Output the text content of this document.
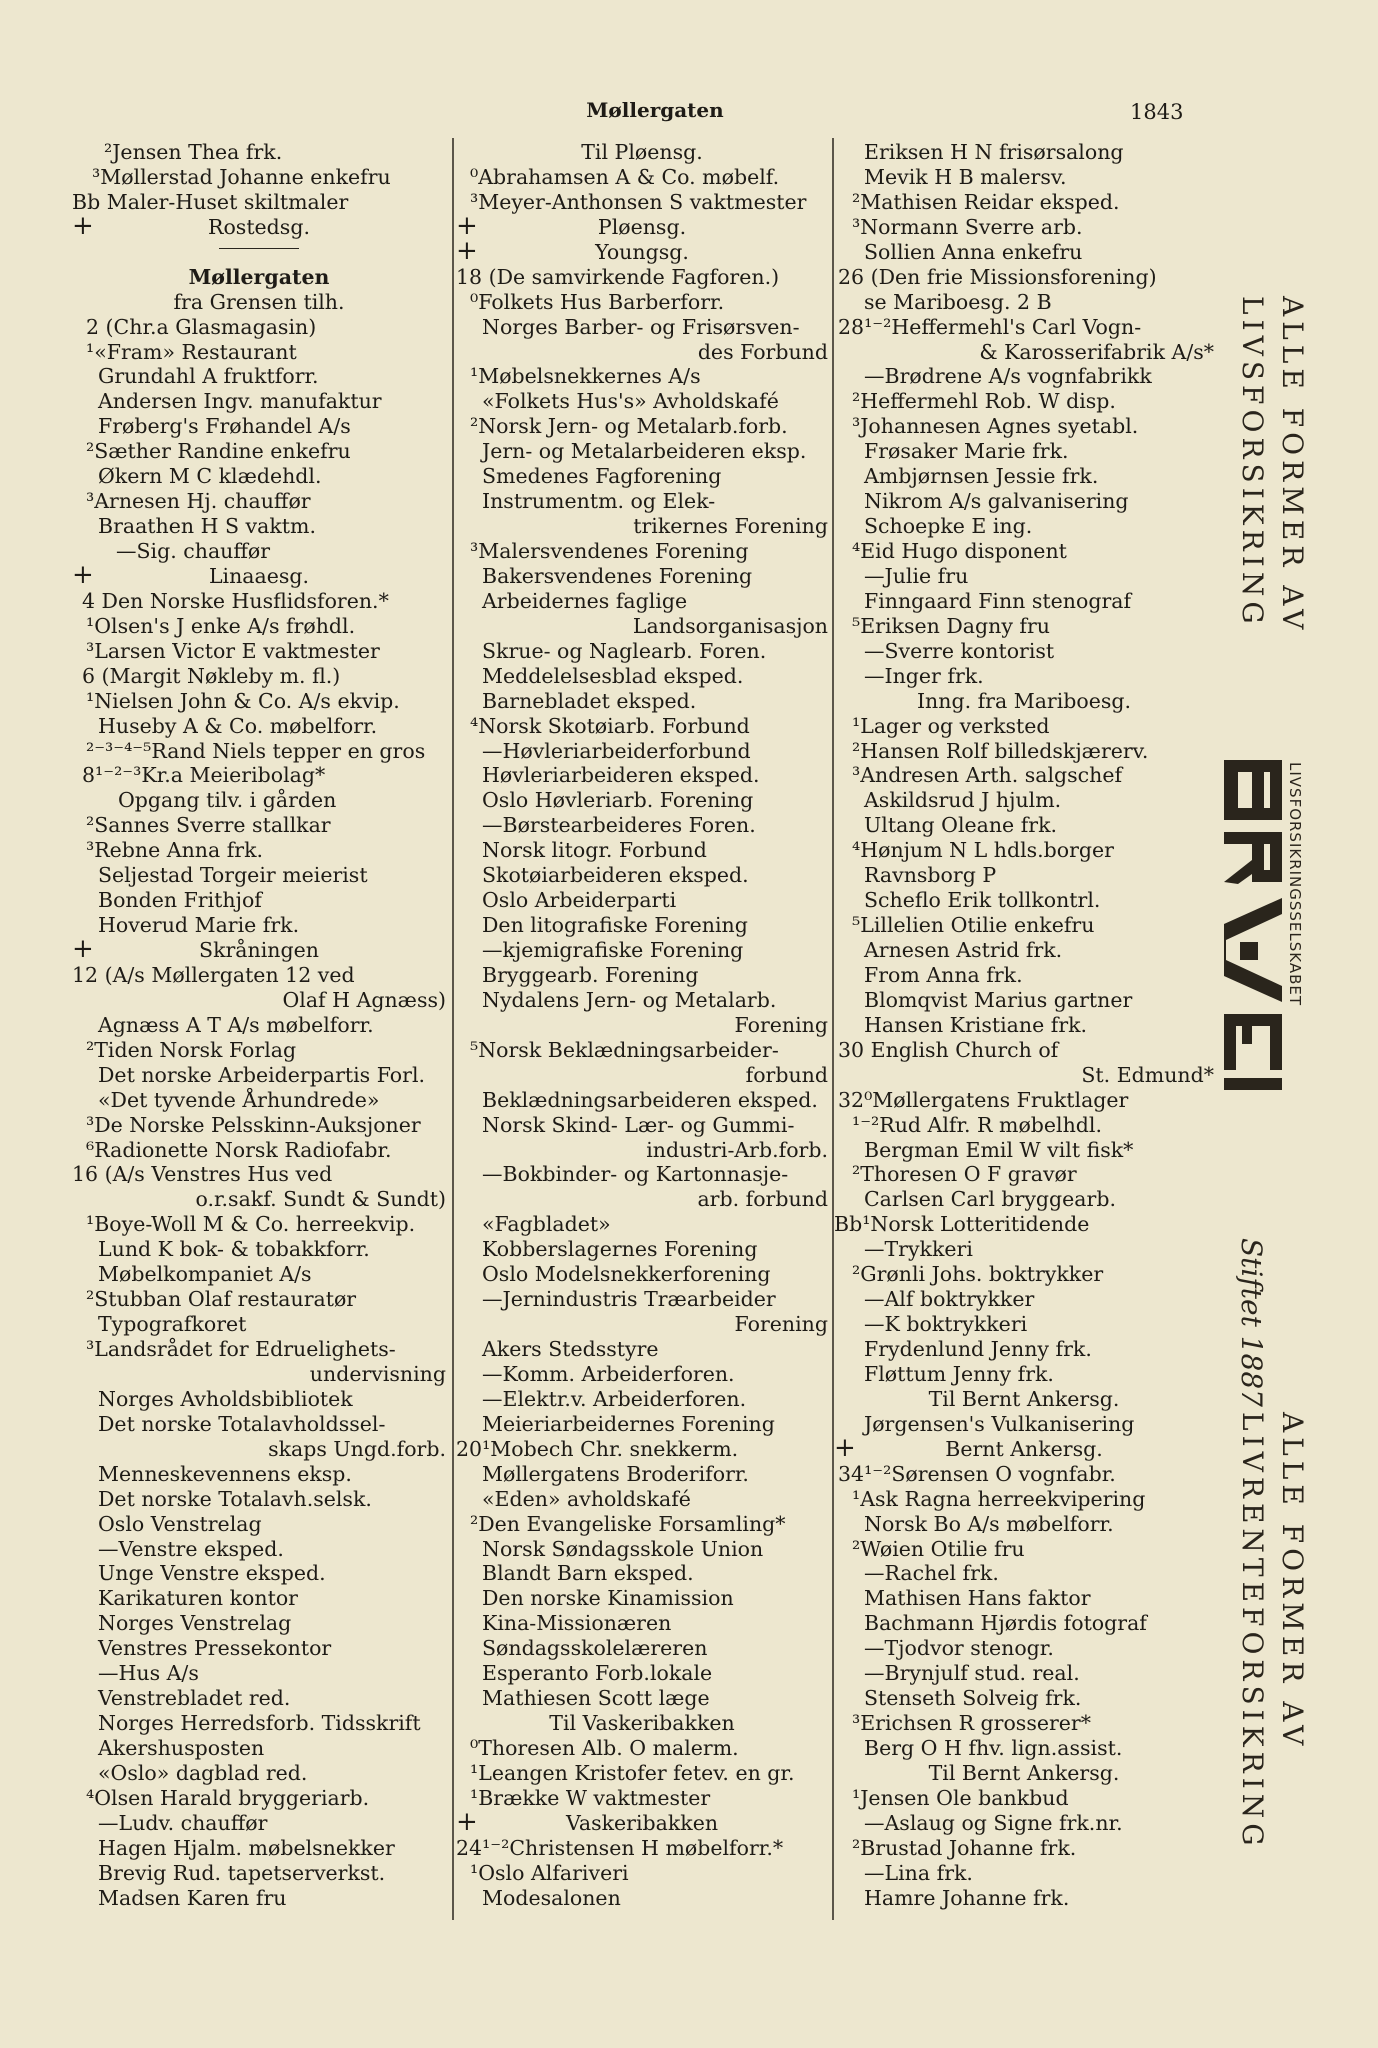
Møllergaten	1843
²Jensen Thea frk.
³Møllerstad Johanne enkefru
Bb Maler-Huset skiltmaler
+	Rostedsg.
Møllergaten
fra Grensen tilh.
2 (Chr.a Glasmagasin)
¹«Fram» Restaurant
Grundahl A fruktforr.
Andersen Ingv. manufaktur
Frøberg's Frøhandel A/s
²Sæther Randine enkefru
Økern M C klædehdl.
³Arnesen Hj. chauffør
Braathen H S vaktm.
—Sig. chauffør
+	Linaaesg.
4 Den Norske Husflidsforen.*
¹Olsen's J enke A/s frøhdl.
³Larsen Victor E vaktmester
6 (Margit Nøkleby m. fl.)
¹Nielsen John & Co. A/s ekvip.
Huseby A & Co. møbelforr.
²⁻³⁻⁴⁻⁵Rand Niels tepper en gros
8¹⁻²⁻³Kr.a Meieribolag*
Opgang tilv. i gården
²Sannes Sverre stallkar
³Rebne Anna frk.
Seljestad Torgeir meierist
Bonden Frithjof
Hoverud Marie frk.
+	Skråningen
12 (A/s Møllergaten 12 ved
Olaf H Agnæss)
Agnæss A T A/s møbelforr.
²Tiden Norsk Forlag
Det norske Arbeiderpartis Forl.
«Det tyvende Århundrede»
³De Norske Pelsskinn-Auksjoner
⁶Radionette Norsk Radiofabr.
16 (A/s Venstres Hus ved
o.r.sakf. Sundt & Sundt)
¹Boye-Woll M & Co. herreekvip.
Lund K bok- & tobakkforr.
Møbelkompaniet A/s
²Stubban Olaf restauratør
Typografkoret
³Landsrådet for Edruelighets-
undervisning
Norges Avholdsbibliotek
Det norske Totalavholdssel-
skaps Ungd.forb.
Menneskevennens eksp.
Det norske Totalavh.selsk.
Oslo Venstrelag
—Venstre eksped.
Unge Venstre eksped.
Karikaturen kontor
Norges Venstrelag
Venstres Pressekontor
—Hus A/s
Venstrebladet red.
Norges Herredsforb. Tidsskrift
Akershusposten
«Oslo» dagblad red.
⁴Olsen Harald bryggeriarb.
—Ludv. chauffør
Hagen Hjalm. møbelsnekker
Brevig Rud. tapetserverkst.
Madsen Karen fru
Til Pløensg.
⁰Abrahamsen A & Co. møbelf.
³Meyer-Anthonsen S vaktmester
+	Pløensg.
+	Youngsg.
18 (De samvirkende Fagforen.)
⁰Folkets Hus Barberforr.
Norges Barber- og Frisørsven-
des Forbund
¹Møbelsnekkernes A/s
«Folkets Hus's» Avholdskafé
²Norsk Jern- og Metalarb.forb.
Jern- og Metalarbeideren eksp.
Smedenes Fagforening
Instrumentm. og Elek-
trikernes Forening
³Malersvendenes Forening
Bakersvendenes Forening
Arbeidernes faglige
Landsorganisasjon
Skrue- og Naglearb. Foren.
Meddelelsesblad eksped.
Barnebladet eksped.
⁴Norsk Skotøiarb. Forbund
—Høvleriarbeiderforbund
Høvleriarbeideren eksped.
Oslo Høvleriarb. Forening
—Børstearbeideres Foren.
Norsk litogr. Forbund
Skotøiarbeideren eksped.
Oslo Arbeiderparti
Den litografiske Forening
—kjemigrafiske Forening
Bryggearb. Forening
Nydalens Jern- og Metalarb.
Forening
⁵Norsk Beklædningsarbeider-
forbund
Beklædningsarbeideren eksped.
Norsk Skind- Lær- og Gummi-
industri-Arb.forb.
—Bokbinder- og Kartonnasje-
arb. forbund
«Fagbladet»
Kobberslagernes Forening
Oslo Modelsnekkerforening
—Jernindustris Træarbeider
Forening
Akers Stedsstyre
—Komm. Arbeiderforen.
—Elektr.v. Arbeiderforen.
Meieriarbeidernes Forening
20¹Mobech Chr. snekkerm.
Møllergatens Broderiforr.
«Eden» avholdskafé
²Den Evangeliske Forsamling*
Norsk Søndagsskole Union
Blandt Barn eksped.
Den norske Kinamission
Kina-Missionæren
Søndagsskolelæreren
Esperanto Forb.lokale
Mathiesen Scott læge
Til Vaskeribakken
⁰Thoresen Alb. O malerm.
¹Leangen Kristofer fetev. en gr.
¹Brække W vaktmester
+	Vaskeribakken
24¹⁻²Christensen H møbelforr.*
¹Oslo Alfariveri
Modesalonen
Eriksen H N frisørsalong
Mevik H B malersv.
²Mathisen Reidar eksped.
³Normann Sverre arb.
Sollien Anna enkefru
26 (Den frie Missionsforening)
se Mariboesg. 2 B
28¹⁻²Heffermehl's Carl Vogn-
& Karosserifabrik A/s*
—Brødrene A/s vognfabrikk
²Heffermehl Rob. W disp.
³Johannesen Agnes syetabl.
Frøsaker Marie frk.
Ambjørnsen Jessie frk.
Nikrom A/s galvanisering
Schoepke E ing.
⁴Eid Hugo disponent
—Julie fru
Finngaard Finn stenograf
⁵Eriksen Dagny fru
—Sverre kontorist
—Inger frk.
Inng. fra Mariboesg.
¹Lager og verksted
²Hansen Rolf billedskjærerv.
³Andresen Arth. salgschef
Askildsrud J hjulm.
Ultang Oleane frk.
⁴Hønjum N L hdls.borger
Ravnsborg P
Scheflo Erik tollkontrl.
⁵Lillelien Otilie enkefru
Arnesen Astrid frk.
From Anna frk.
Blomqvist Marius gartner
Hansen Kristiane frk.
30 English Church of
St. Edmund*
32⁰Møllergatens Fruktlager
¹⁻²Rud Alfr. R møbelhdl.
Bergman Emil W vilt fisk*
²Thoresen O F gravør
Carlsen Carl bryggearb.
Bb¹Norsk Lotteritidende
—Trykkeri
²Grønli Johs. boktrykker
—Alf boktrykker
—K boktrykkeri
Frydenlund Jenny frk.
Fløttum Jenny frk.
Til Bernt Ankersg.
Jørgensen's Vulkanisering
+	Bernt Ankersg.
34¹⁻²Sørensen O vognfabr.
¹Ask Ragna herreekvipering
Norsk Bo A/s møbelforr.
²Wøien Otilie fru
—Rachel frk.
Mathisen Hans faktor
Bachmann Hjørdis fotograf
—Tjodvor stenogr.
—Brynjulf stud. real.
Stenseth Solveig frk.
³Erichsen R grosserer*
Berg O H fhv. lign.assist.
Til Bernt Ankersg.
¹Jensen Ole bankbud
—Aslaug og Signe frk.nr.
²Brustad Johanne frk.
—Lina frk.
Hamre Johanne frk.
ALLE FORMER AV
LIVSFORSIKRING
LIVSFORSIKRINGSSELSKABET
Stiftet 1887
ALLE FORMER AV
LIVRENTEFORSIKRING
